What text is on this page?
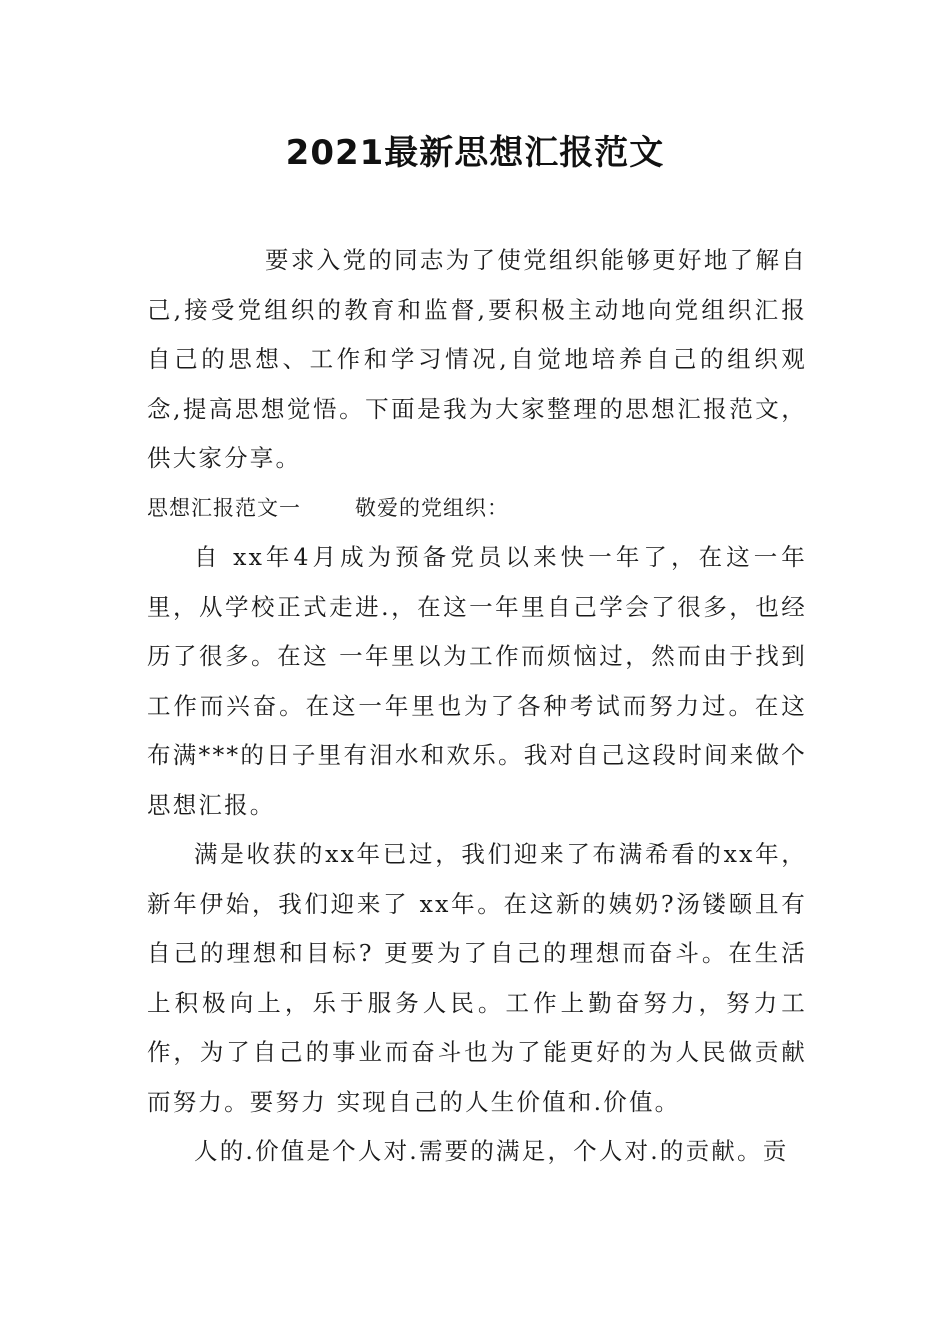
2021最新思想汇报范文

要求入党的同志为了使党组织能够更好地了解自己,接受党组织的教育和监督,要积极主动地向党组织汇报自己的思想、工作和学习情况,自觉地培养自己的组织观念,提高思想觉悟。下面是我为大家整理的思想汇报范文，供大家分享。

思想汇报范文一	敬爱的党组织：

自 xx年4月成为预备党员以来快一年了，在这一年里，从学校正式走进.，在这一年里自己学会了很多，也经历了很多。在这 一年里以为工作而烦恼过，然而由于找到工作而兴奋。在这一年里也为了各种考试而努力过。在这布满***的日子里有泪水和欢乐。我对自己这段时间来做个思想汇报。

满是收获的xx年已过，我们迎来了布满希看的xx年，新年伊始，我们迎来了 xx年。在这新的姨奶?汤镂颐且有自己的理想和目标? 更要为了自己的理想而奋斗。在生活上积极向上，乐于服务人民。工作上勤奋努力，努力工作，为了自己的事业而奋斗也为了能更好的为人民做贡献而努力。要努力 实现自己的人生价值和.价值。

人的.价值是个人对.需要的满足，个人对.的贡献。贡
